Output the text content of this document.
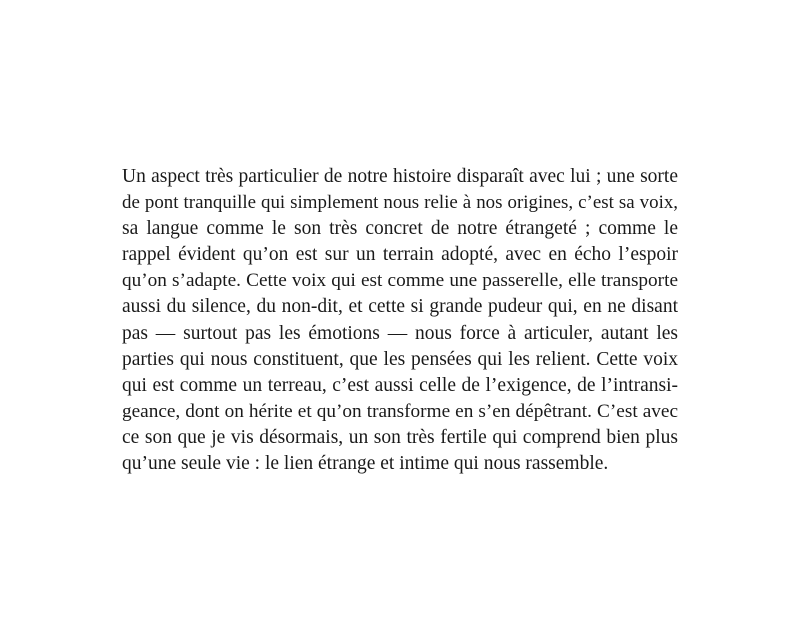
Un aspect très particulier de notre histoire disparaît avec lui ; une sorte
de pont tranquille qui simplement nous relie à nos origines, c’est sa voix,
sa langue comme le son très concret de notre étrangeté ; comme le
rappel évident qu’on est sur un terrain adopté, avec en écho l’espoir
qu’on s’adapte. Cette voix qui est comme une passerelle, elle transporte
aussi du silence, du non-dit, et cette si grande pudeur qui, en ne disant
pas — surtout pas les émotions — nous force à articuler, autant les
parties qui nous constituent, que les pensées qui les relient. Cette voix
qui est comme un terreau, c’est aussi celle de l’exigence, de l’intransi-
geance, dont on hérite et qu’on transforme en s’en dépêtrant. C’est avec
ce son que je vis désormais, un son très fertile qui comprend bien plus
qu’une seule vie : le lien étrange et intime qui nous rassemble.
